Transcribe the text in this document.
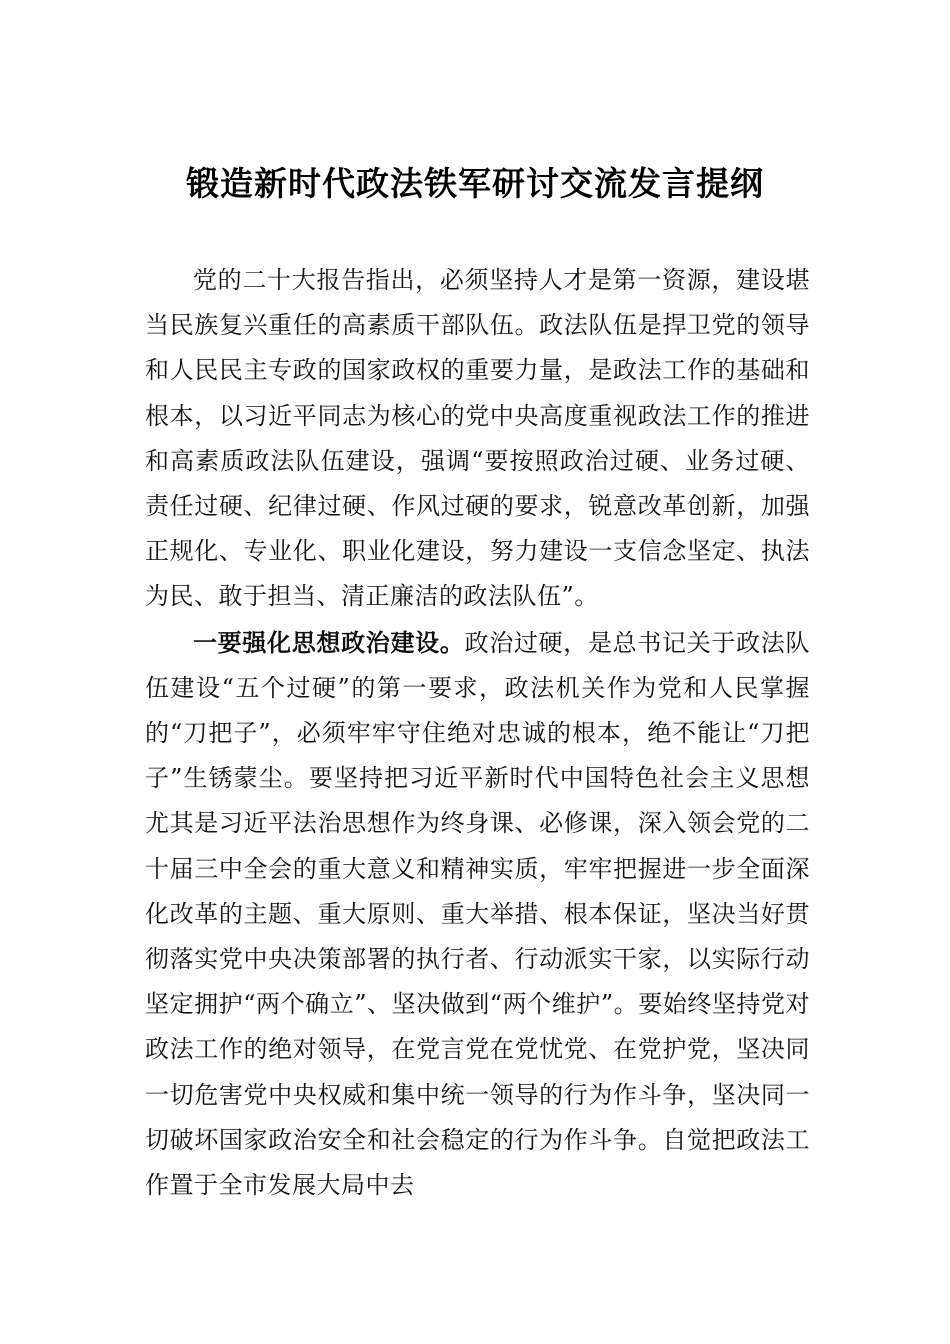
锻造新时代政法铁军研讨交流发言提纲

党的二十大报告指出，必须坚持人才是第一资源，建设堪当民族复兴重任的高素质干部队伍。政法队伍是捍卫党的领导和人民民主专政的国家政权的重要力量，是政法工作的基础和根本，以习近平同志为核心的党中央高度重视政法工作的推进和高素质政法队伍建设，强调“要按照政治过硬、业务过硬、责任过硬、纪律过硬、作风过硬的要求，锐意改革创新，加强正规化、专业化、职业化建设，努力建设一支信念坚定、执法为民、敢于担当、清正廉洁的政法队伍”。

一要强化思想政治建设。政治过硬，是总书记关于政法队伍建设“五个过硬”的第一要求，政法机关作为党和人民掌握的“刀把子”，必须牢牢守住绝对忠诚的根本，绝不能让“刀把子”生锈蒙尘。要坚持把习近平新时代中国特色社会主义思想尤其是习近平法治思想作为终身课、必修课，深入领会党的二十届三中全会的重大意义和精神实质，牢牢把握进一步全面深化改革的主题、重大原则、重大举措、根本保证，坚决当好贯彻落实党中央决策部署的执行者、行动派实干家，以实际行动坚定拥护“两个确立”、坚决做到“两个维护”。要始终坚持党对政法工作的绝对领导，在党言党在党忧党、在党护党，坚决同一切危害党中央权威和集中统一领导的行为作斗争，坚决同一切破坏国家政治安全和社会稳定的行为作斗争。自觉把政法工作置于全市发展大局中去
